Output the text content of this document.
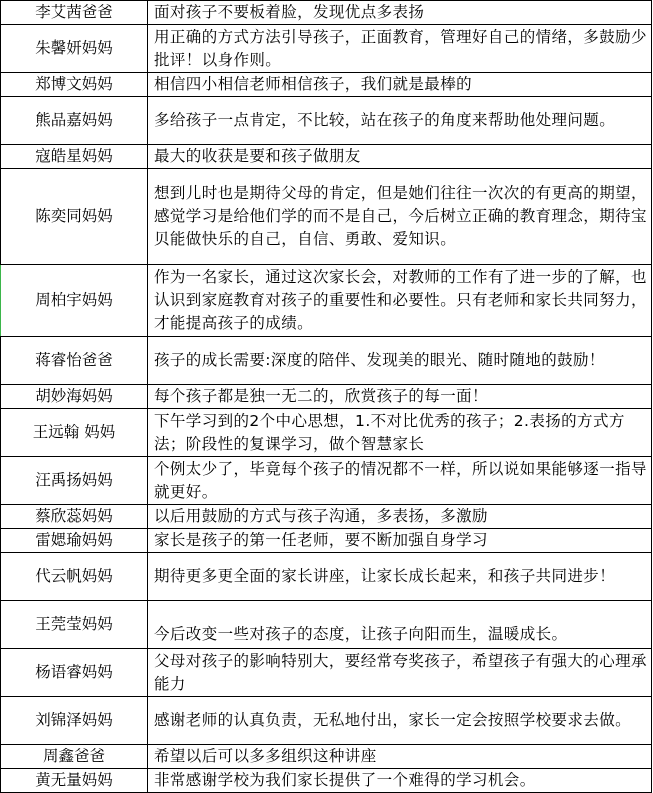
李艾茜爸爸	面对孩子不要板着脸，发现优点多表扬
朱馨妍妈妈	用正确的方式方法引导孩子，正面教育，管理好自己的情绪，多鼓励少批评！以身作则。
郑博文妈妈	相信四小相信老师相信孩子，我们就是最棒的
熊品嘉妈妈	多给孩子一点肯定，不比较，站在孩子的角度来帮助他处理问题。
寇皓星妈妈	最大的收获是要和孩子做朋友
陈奕同妈妈	想到儿时也是期待父母的肯定，但是她们往往一次次的有更高的期望，感觉学习是给他们学的而不是自己，今后树立正确的教育理念，期待宝贝能做快乐的自己，自信、勇敢、爱知识。
周柏宇妈妈	作为一名家长，通过这次家长会，对教师的工作有了进一步的了解，也认识到家庭教育对孩子的重要性和必要性。只有老师和家长共同努力，才能提高孩子的成绩。
蒋睿怡爸爸	孩子的成长需要:深度的陪伴、发现美的眼光、随时随地的鼓励！
胡妙海妈妈	每个孩子都是独一无二的，欣赏孩子的每一面！
王远翰 妈妈	下午学习到的2个中心思想，1.不对比优秀的孩子；2.表扬的方式方法；阶段性的复课学习，做个智慧家长
汪禹扬妈妈	个例太少了，毕竟每个孩子的情况都不一样，所以说如果能够逐一指导就更好。
蔡欣蕊妈妈	以后用鼓励的方式与孩子沟通，多表扬，多激励
雷媤瑜妈妈	家长是孩子的第一任老师，要不断加强自身学习
代云帆妈妈	期待更多更全面的家长讲座，让家长成长起来，和孩子共同进步！
王莞莹妈妈	今后改变一些对孩子的态度，让孩子向阳而生，温暖成长。
杨语睿妈妈	父母对孩子的影响特别大，要经常夸奖孩子，希望孩子有强大的心理承能力
刘锦泽妈妈	感谢老师的认真负责，无私地付出，家长一定会按照学校要求去做。
周鑫爸爸	希望以后可以多多组织这种讲座
黄无量妈妈	非常感谢学校为我们家长提供了一个难得的学习机会。
